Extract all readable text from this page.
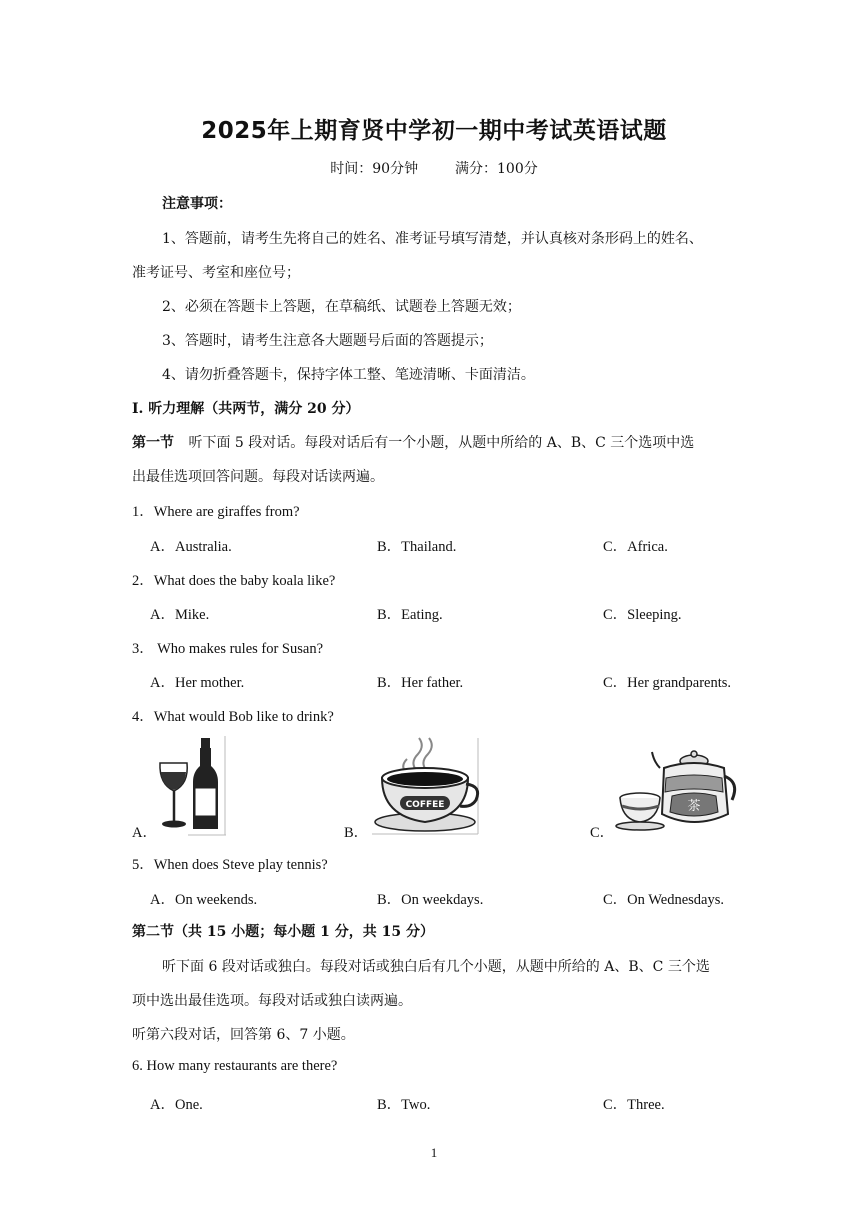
2025年上期育贤中学初一期中考试英语试题
时间：90分钟	满分：100分
注意事项：
1、答题前，请考生先将自己的姓名、准考证号填写清楚，并认真核对条形码上的姓名、
准考证号、考室和座位号；
2、必须在答题卡上答题，在草稿纸、试题卷上答题无效；
3、答题时，请考生注意各大题题号后面的答题提示；
4、请勿折叠答题卡，保持字体工整、笔迹清晰、卡面清洁。
I. 听力理解（共两节，满分 20 分）
第一节 听下面 5 段对话。每段对话后有一个小题，从题中所给的 A、B、C 三个选项中选
出最佳选项回答问题。每段对话读两遍。
1．Where are giraffes from?
A．Australia.	B．Thailand.	C．Africa.
2．What does the baby koala like?
A．Mike.	B．Eating.	C．Sleeping.
3． Who makes rules for Susan?
A．Her mother.	B．Her father.	C．Her grandparents.
4．What would Bob like to drink?
A．	B．	C．
COFFEE	茶
5．When does Steve play tennis?
A．On weekends.	B．On weekdays.	C．On Wednesdays.
第二节（共 15 小题；每小题 1 分，共 15 分）
听下面 6 段对话或独白。每段对话或独白后有几个小题，从题中所给的 A、B、C 三个选
项中选出最佳选项。每段对话或独白读两遍。
听第六段对话，回答第 6、7 小题。
6. How many restaurants are there?
A．One.	B．Two.	C．Three.
1
